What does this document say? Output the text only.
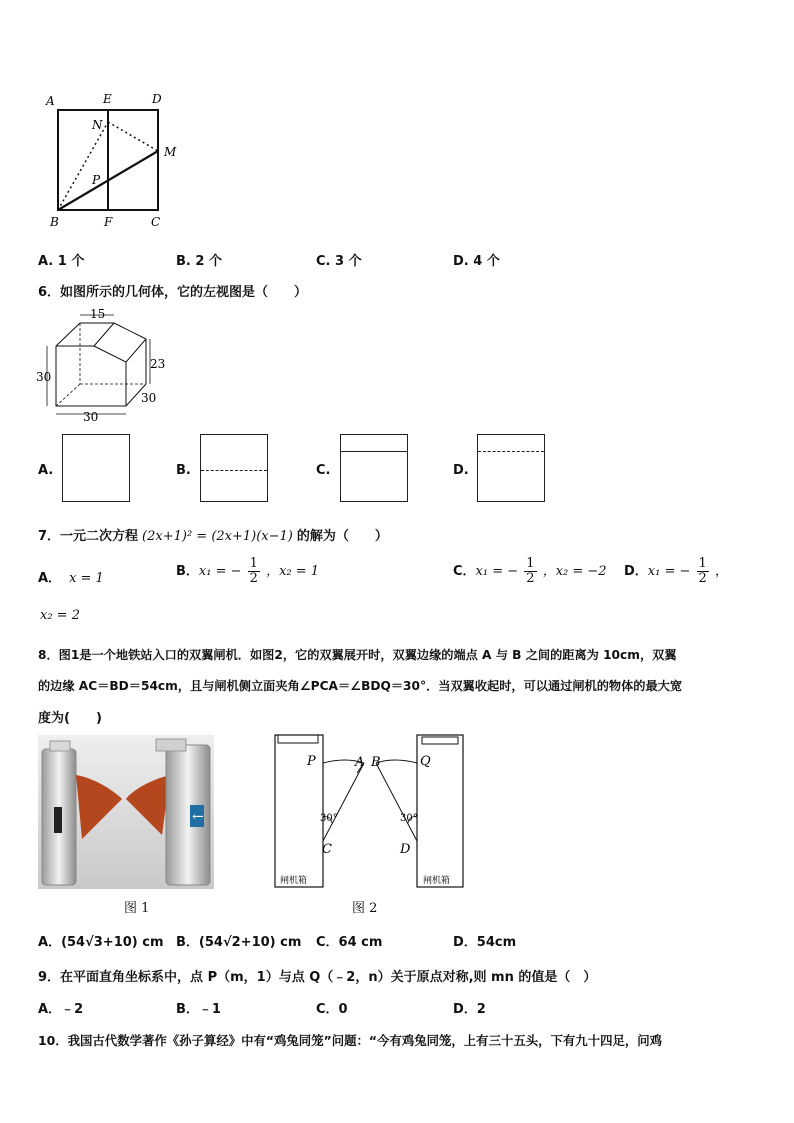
A	E	D
N
M
P
B	F	C
A. 1 个	B. 2 个	C. 3 个	D. 4 个
6．如图所示的几何体，它的左视图是（　　）
15
30
23
30
30
A.	B.	C.	D.
7．一元二次方程 (2x+1)² = (2x+1)(x−1) 的解为（　　）
A． x = 1	B．x₁ = − $\frac{1}{2}$ ，x₂ = 1	C．x₁ = − $\frac{1}{2}$ ，x₂ = −2 D．x₁ = − $\frac{1}{2}$ ，
x₂ = 2
8．图1是一个地铁站入口的双翼闸机．如图2，它的双翼展开时，双翼边缘的端点 A 与 B 之间的距离为 10cm，双翼
的边缘 AC＝BD＝54cm，且与闸机侧立面夹角∠PCA＝∠BDQ＝30°．当双翼收起时，可以通过闸机的物体的最大宽
度为(　　)
←
图 1
P	A B	Q
30°	30°
C	D
闸机箱	闸机箱
图 2
A．(54√3+10) cm B．(54√2+10) cm C．64 cm	D．54cm
9．在平面直角坐标系中，点 P（m，1）与点 Q（﹣2，n）关于原点对称,则 mn 的值是（　）
A．﹣2	B．﹣1	C．0	D．2
10．我国古代数学著作《孙子算经》中有“鸡兔同笼”问题：“今有鸡兔同笼，上有三十五头，下有九十四足，问鸡
